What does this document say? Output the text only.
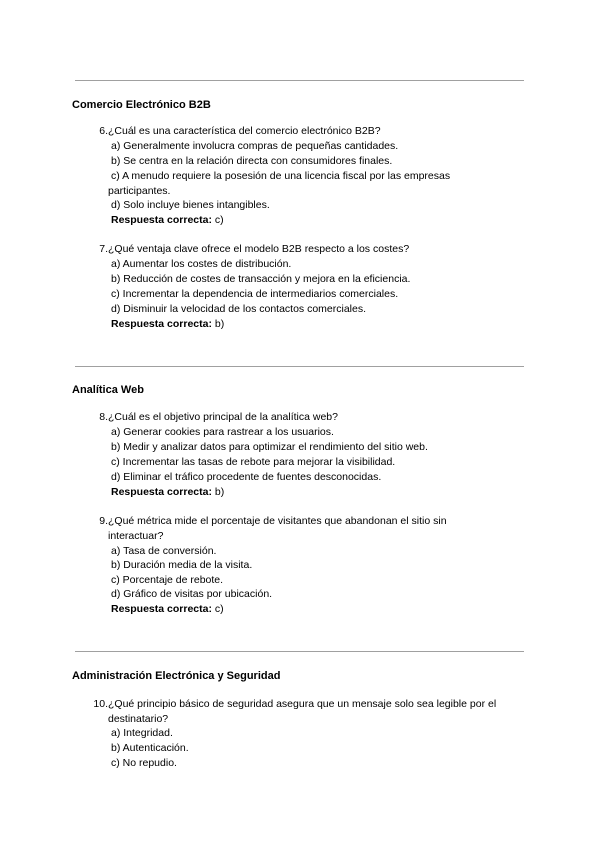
Comercio Electrónico B2B
6. ¿Cuál es una característica del comercio electrónico B2B?
a) Generalmente involucra compras de pequeñas cantidades.
b) Se centra en la relación directa con consumidores finales.
c) A menudo requiere la posesión de una licencia fiscal por las empresas participantes.
d) Solo incluye bienes intangibles.
Respuesta correcta: c)
7. ¿Qué ventaja clave ofrece el modelo B2B respecto a los costes?
a) Aumentar los costes de distribución.
b) Reducción de costes de transacción y mejora en la eficiencia.
c) Incrementar la dependencia de intermediarios comerciales.
d) Disminuir la velocidad de los contactos comerciales.
Respuesta correcta: b)
Analítica Web
8. ¿Cuál es el objetivo principal de la analítica web?
a) Generar cookies para rastrear a los usuarios.
b) Medir y analizar datos para optimizar el rendimiento del sitio web.
c) Incrementar las tasas de rebote para mejorar la visibilidad.
d) Eliminar el tráfico procedente de fuentes desconocidas.
Respuesta correcta: b)
9. ¿Qué métrica mide el porcentaje de visitantes que abandonan el sitio sin interactuar?
a) Tasa de conversión.
b) Duración media de la visita.
c) Porcentaje de rebote.
d) Gráfico de visitas por ubicación.
Respuesta correcta: c)
Administración Electrónica y Seguridad
10. ¿Qué principio básico de seguridad asegura que un mensaje solo sea legible por el destinatario?
a) Integridad.
b) Autenticación.
c) No repudio.
